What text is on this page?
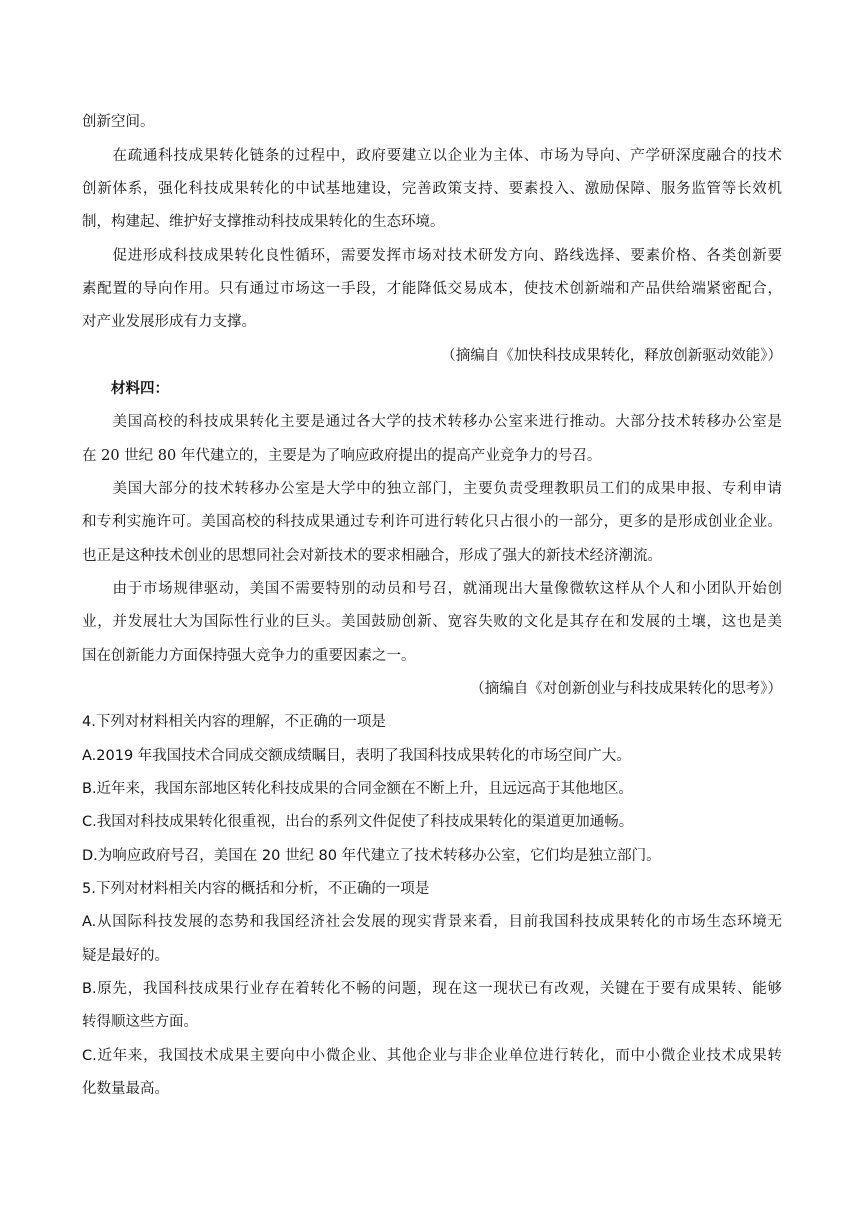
创新空间。
　　在疏通科技成果转化链条的过程中，政府要建立以企业为主体、市场为导向、产学研深度融合的技术
创新体系，强化科技成果转化的中试基地建设，完善政策支持、要素投入、激励保障、服务监管等长效机
制，构建起、维护好支撑推动科技成果转化的生态环境。
　　促进形成科技成果转化良性循环，需要发挥市场对技术研发方向、路线选择、要素价格、各类创新要
素配置的导向作用。只有通过市场这一手段，才能降低交易成本，使技术创新端和产品供给端紧密配合，
对产业发展形成有力支撑。
（摘编自《加快科技成果转化，释放创新驱动效能》）
　　材料四：
　　美国高校的科技成果转化主要是通过各大学的技术转移办公室来进行推动。大部分技术转移办公室是
在 20 世纪 80 年代建立的，主要是为了响应政府提出的提高产业竞争力的号召。
　　美国大部分的技术转移办公室是大学中的独立部门，主要负责受理教职员工们的成果申报、专利申请
和专利实施许可。美国高校的科技成果通过专利许可进行转化只占很小的一部分，更多的是形成创业企业。
也正是这种技术创业的思想同社会对新技术的要求相融合，形成了强大的新技术经济潮流。
　　由于市场规律驱动，美国不需要特别的动员和号召，就涌现出大量像微软这样从个人和小团队开始创
业，并发展壮大为国际性行业的巨头。美国鼓励创新、宽容失败的文化是其存在和发展的土壤，这也是美
国在创新能力方面保持强大竞争力的重要因素之一。
（摘编自《对创新创业与科技成果转化的思考》）
4.下列对材料相关内容的理解，不正确的一项是
A.2019 年我国技术合同成交额成绩瞩目，表明了我国科技成果转化的市场空间广大。
B.近年来，我国东部地区转化科技成果的合同金额在不断上升，且远远高于其他地区。
C.我国对科技成果转化很重视，出台的系列文件促使了科技成果转化的渠道更加通畅。
D.为响应政府号召，美国在 20 世纪 80 年代建立了技术转移办公室，它们均是独立部门。
5.下列对材料相关内容的概括和分析，不正确的一项是
A.从国际科技发展的态势和我国经济社会发展的现实背景来看，目前我国科技成果转化的市场生态环境无
疑是最好的。
B.原先，我国科技成果行业存在着转化不畅的问题，现在这一现状已有改观，关键在于要有成果转、能够
转得顺这些方面。
C.近年来，我国技术成果主要向中小微企业、其他企业与非企业单位进行转化，而中小微企业技术成果转
化数量最高。
